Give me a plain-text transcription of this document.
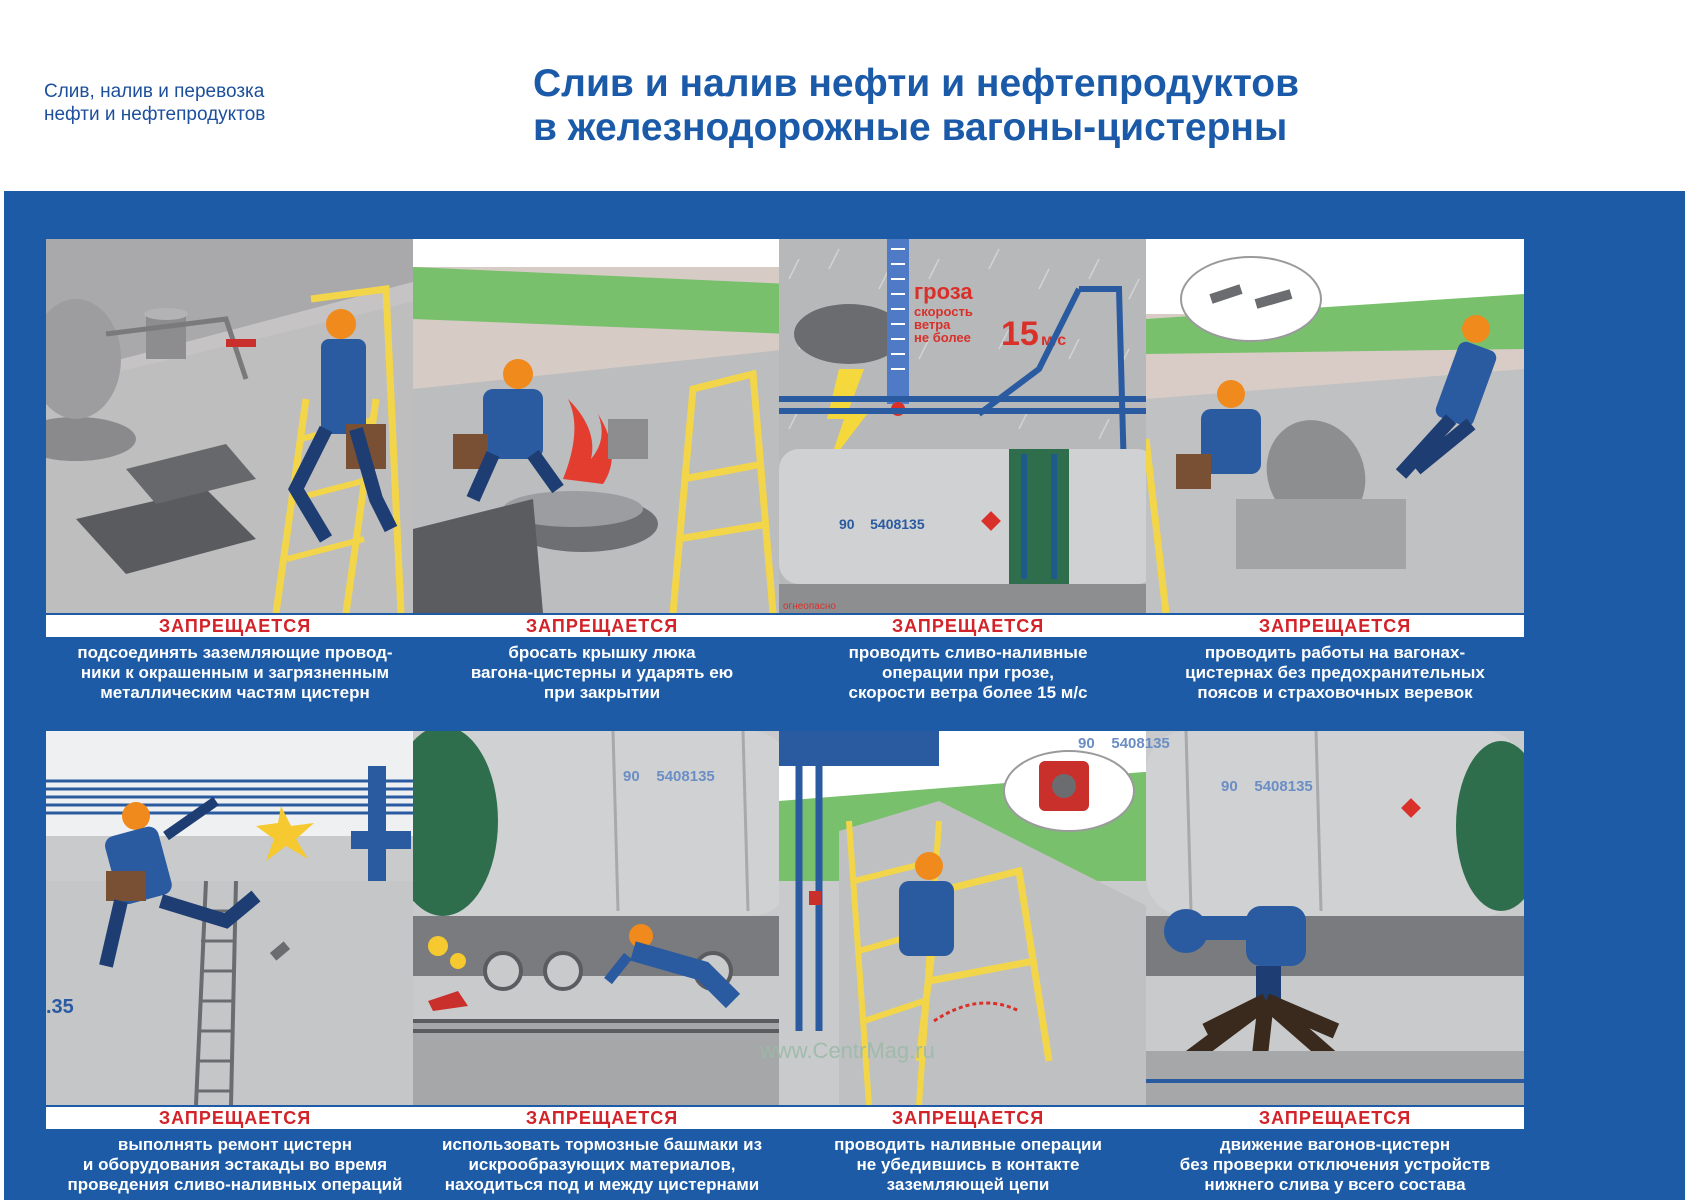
Слив, налив и перевозка
нефти и нефтепродуктов
Слив и налив нефти и нефтепродуктов
в железнодорожные вагоны-цистерны
ЗАПРЕЩАЕТСЯ
подсоединять заземляющие провод-
ники к окрашенным и загрязненным
металлическим частям цистерн
ЗАПРЕЩАЕТСЯ
бросать крышку люка
вагона-цистерны и ударять ею
при закрытии
гроза
скорость
ветра
не более 15 м/с
90    5408135
огнеопасно
ЗАПРЕЩАЕТСЯ
проводить сливо-наливные
операции при грозе,
скорости ветра более 15 м/с
ЗАПРЕЩАЕТСЯ
проводить работы на вагонах-
цистернах без предохранительных
поясов и страховочных веревок
.35
ЗАПРЕЩАЕТСЯ
выполнять ремонт цистерн
и оборудования эстакады во время
проведения сливо-наливных операций
90    5408135
ЗАПРЕЩАЕТСЯ
использовать тормозные башмаки из
искрообразующих материалов,
находиться под и между цистернами
ЗАПРЕЩАЕТСЯ
проводить наливные операции
не убедившись в контакте
заземляющей цепи
90    5408135
ЗАПРЕЩАЕТСЯ
движение вагонов-цистерн
без проверки отключения устройств
нижнего слива у всего состава
www.CentrMag.ru
90    5408135
